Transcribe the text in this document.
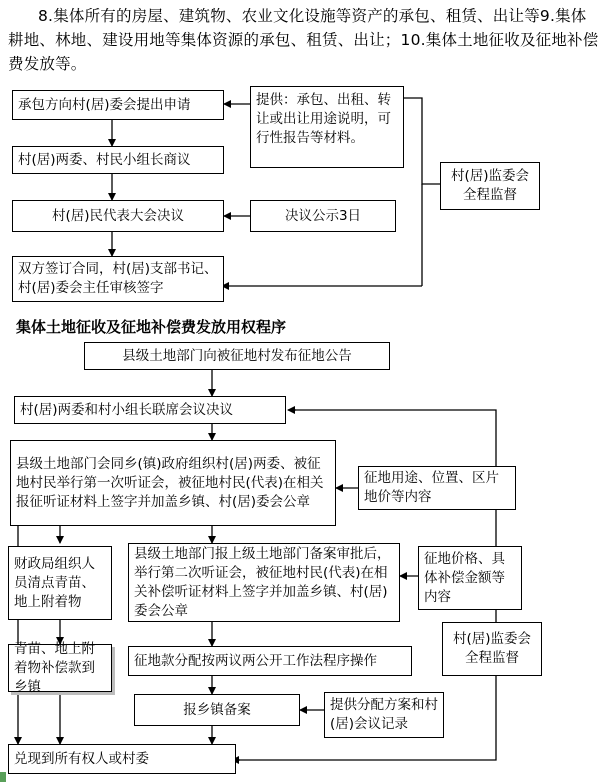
8.集体所有的房屋、建筑物、农业文化设施等资产的承包、租赁、出让等9.集体耕地、林地、建设用地等集体资源的承包、租赁、出让；10.集体土地征收及征地补偿费发放等。
承包方向村(居)委会提出申请
村(居)两委、村民小组长商议
村(居)民代表大会决议
双方签订合同，村(居)支部书记、村(居)委会主任审核签字
提供：承包、出租、转让或出让用途说明，可行性报告等材料。
决议公示3日
村(居)监委会全程监督
集体土地征收及征地补偿费发放用权程序
县级土地部门向被征地村发布征地公告
村(居)两委和村小组长联席会议决议
县级土地部门会同乡(镇)政府组织村(居)两委、被征地村民举行第一次听证会，被征地村民(代表)在相关报征听证材料上签字并加盖乡镇、村(居)委会公章
征地用途、位置、区片地价等内容
县级土地部门报上级土地部门备案审批后，举行第二次听证会，被征地村民(代表)在相关补偿听证材料上签字并加盖乡镇、村(居)委会公章
征地价格、具体补偿金额等内容
财政局组织人员清点青苗、地上附着物
青苗、地上附着物补偿款到乡镇
征地款分配按两议两公开工作法程序操作
报乡镇备案	提供分配方案和村(居)会议记录
村(居)监委会全程监督
兑现到所有权人或村委
